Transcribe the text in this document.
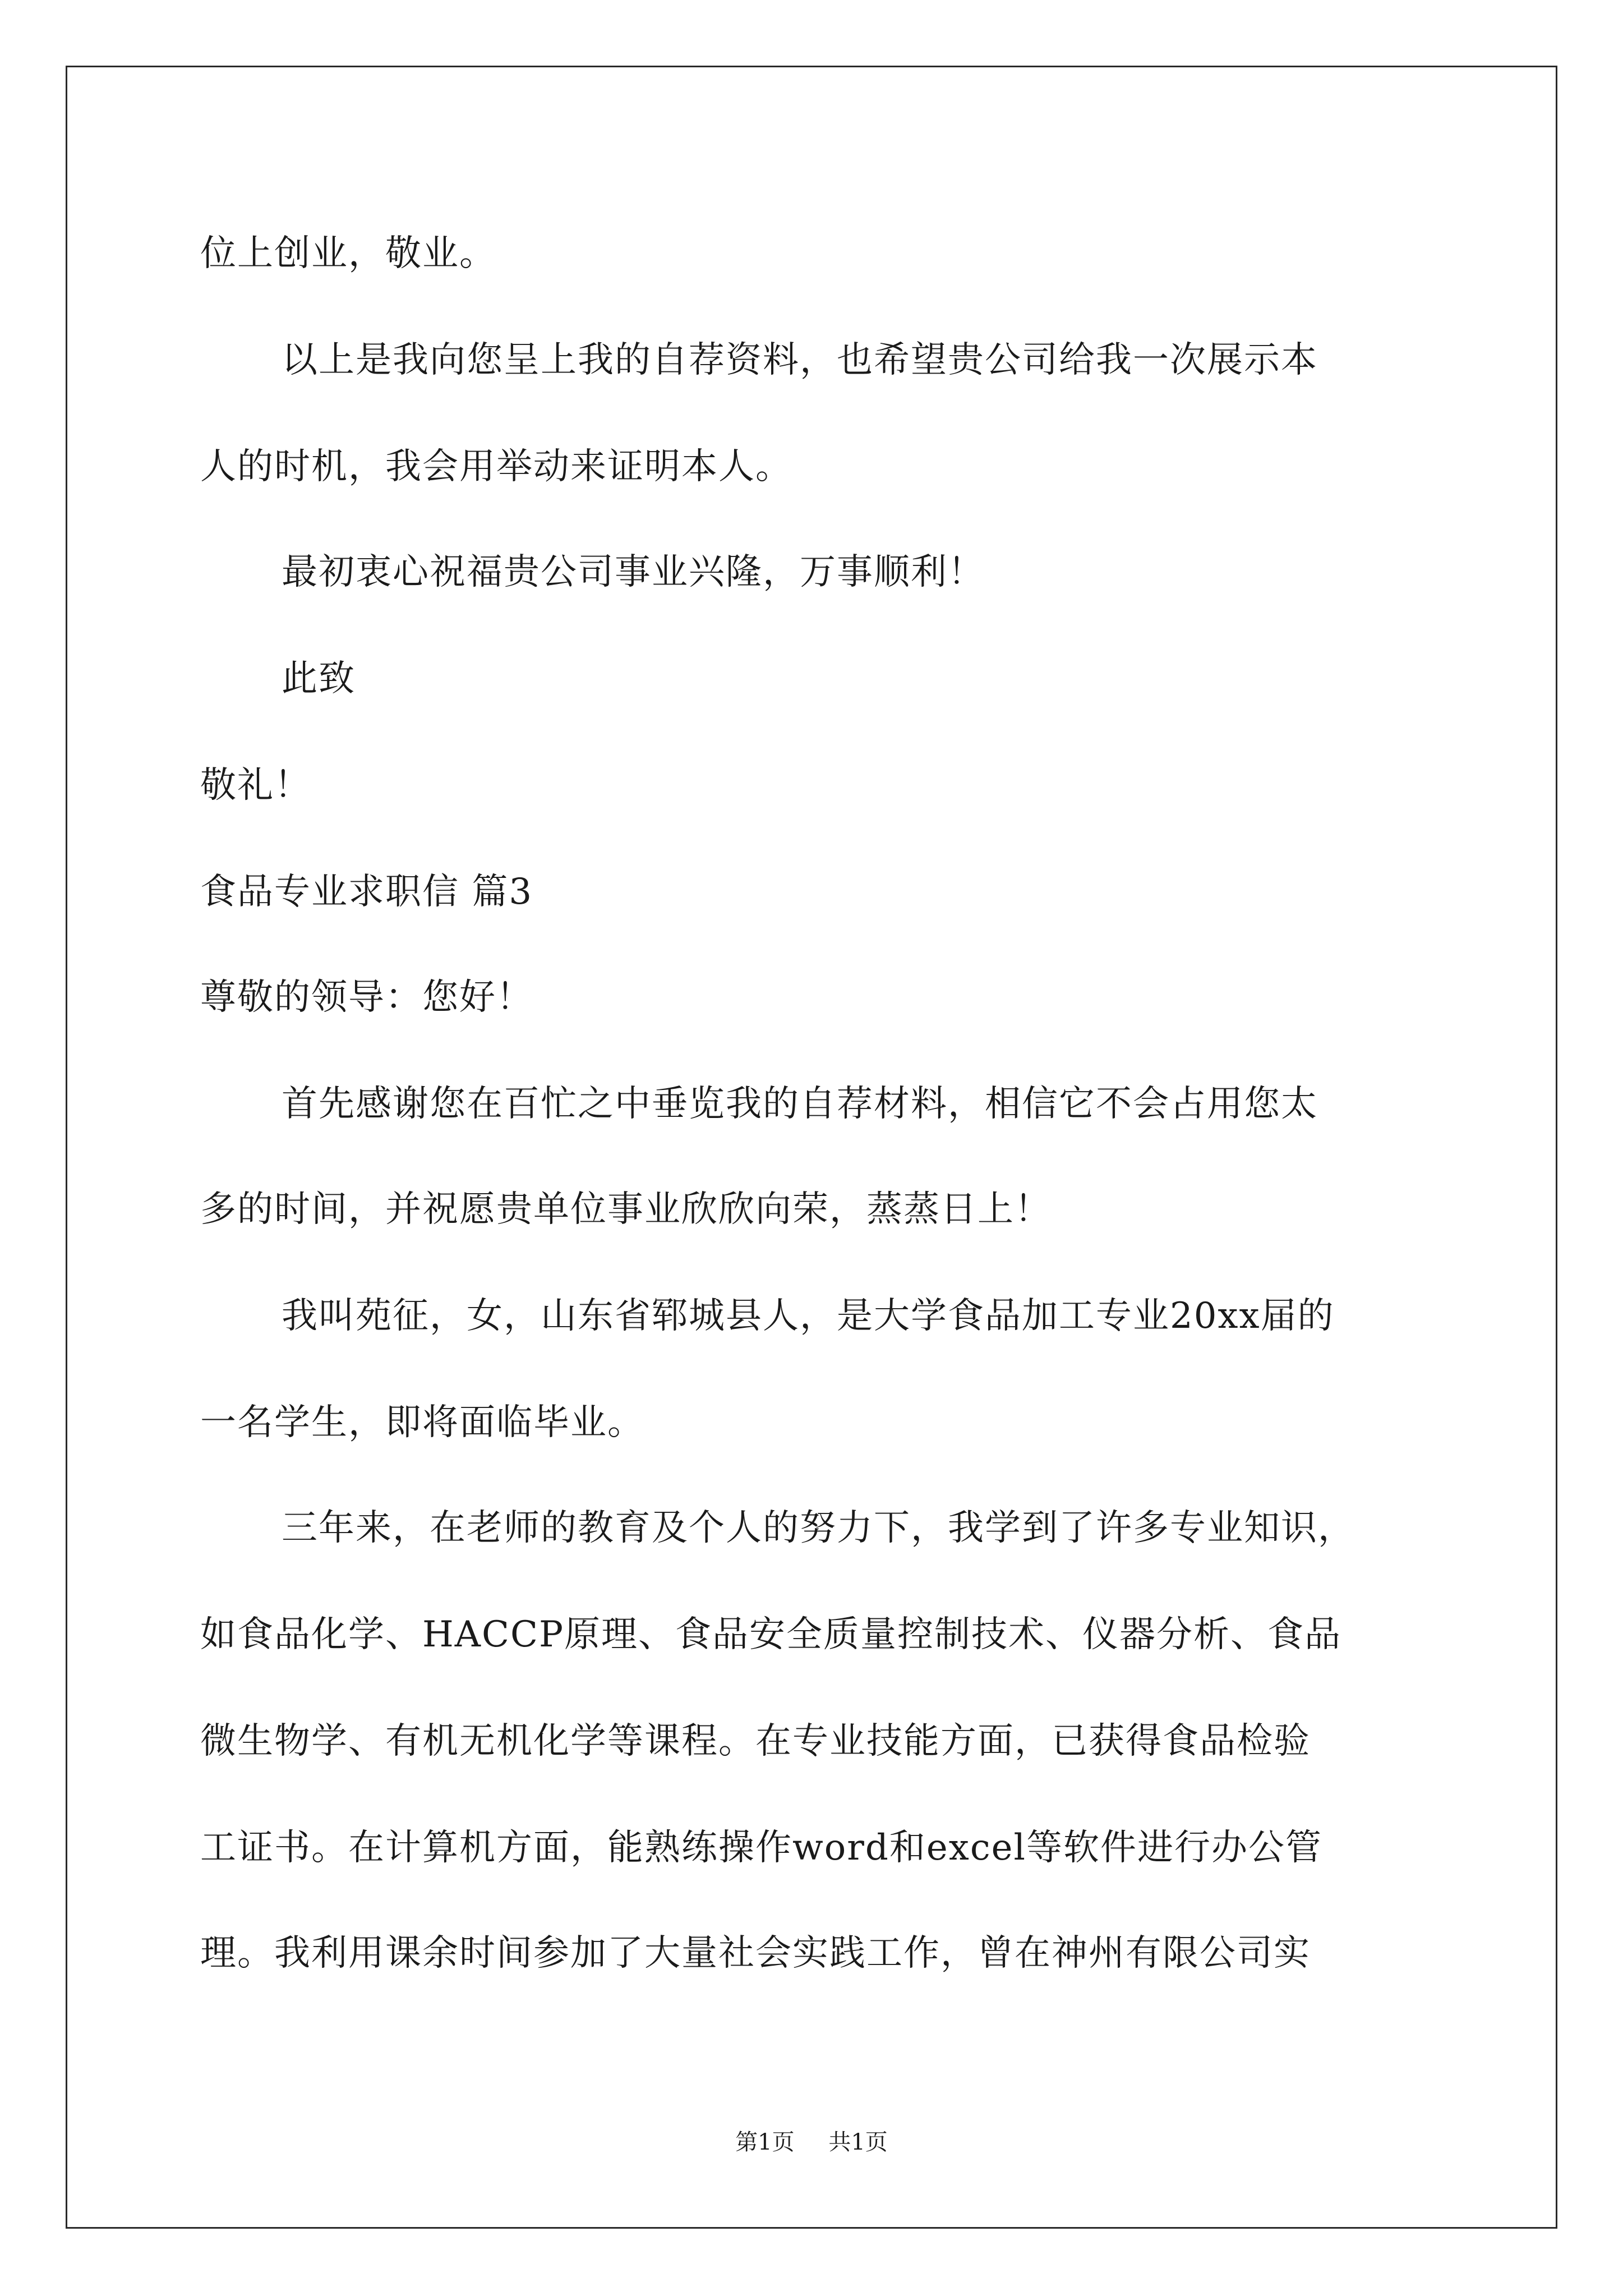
位上创业，敬业。
以上是我向您呈上我的自荐资料，也希望贵公司给我一次展示本
人的时机，我会用举动来证明本人。
最初衷心祝福贵公司事业兴隆，万事顺利！
此致
敬礼！
食品专业求职信 篇3
尊敬的领导：您好！
首先感谢您在百忙之中垂览我的自荐材料，相信它不会占用您太
多的时间，并祝愿贵单位事业欣欣向荣，蒸蒸日上！
我叫苑征，女，山东省郓城县人，是大学食品加工专业20xx届的
一名学生，即将面临毕业。
三年来，在老师的教育及个人的努力下，我学到了许多专业知识，
如食品化学、HACCP原理、食品安全质量控制技术、仪器分析、食品
微生物学、有机无机化学等课程。在专业技能方面，已获得食品检验
工证书。在计算机方面，能熟练操作word和excel等软件进行办公管
理。我利用课余时间参加了大量社会实践工作，曾在神州有限公司实
第1页 共1页
